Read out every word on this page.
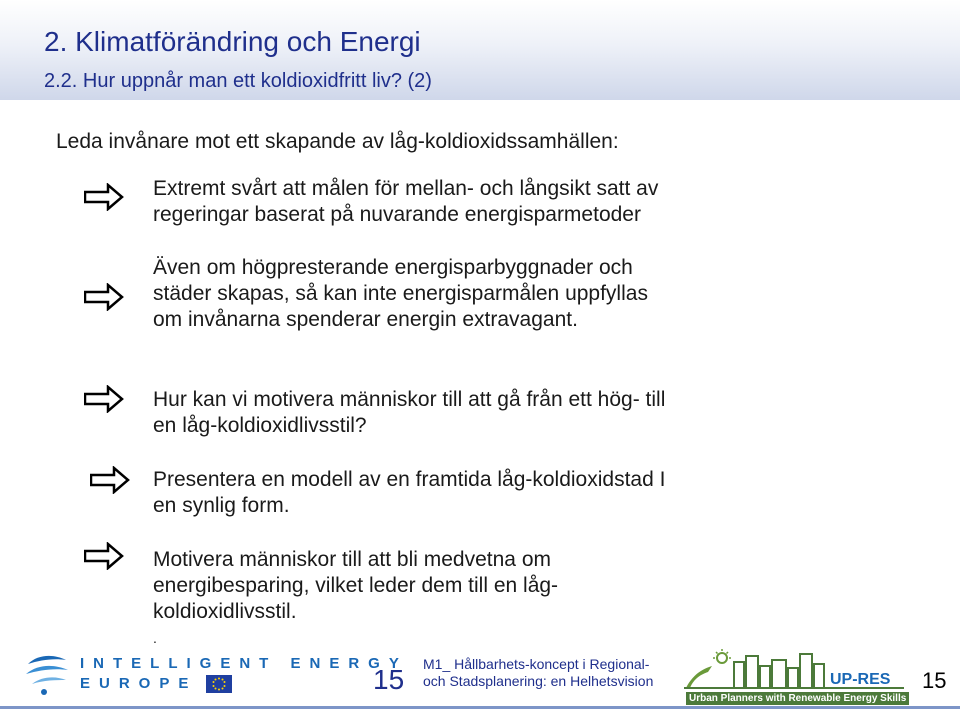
2. Klimatförändring och Energi
2.2. Hur uppnår man ett koldioxidfritt liv? (2)
Leda invånare mot ett skapande av låg-koldioxidssamhällen:
Extremt svårt att målen för mellan- och långsikt satt av
regeringar baserat på nuvarande energisparmetoder
Även om högpresterande energisparbyggnader och
städer skapas, så kan inte energisparmålen uppfyllas
om invånarna spenderar energin extravagant.
Hur kan vi motivera människor till att gå från ett hög- till
en låg-koldioxidlivsstil?
Presentera en modell av en framtida låg-koldioxidstad I
en synlig form.
Motivera människor till att bli medvetna om
energibesparing, vilket leder dem till en låg-
koldioxidlivsstil.
.
INTELLIGENT ENERGY
EUROPE	15 M1_ Hållbarhets-koncept i Regional-
och Stadsplanering: en Helhetsvision	UP-RES
Urban Planners with Renewable Energy Skills
15
